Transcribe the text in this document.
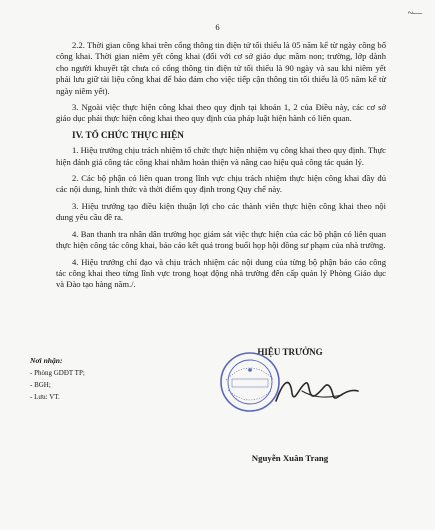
6
~—

2.2. Thời gian công khai trên cổng thông tin điện tử tối thiểu là 05 năm kể từ ngày công bố công khai. Thời gian niêm yết công khai (đối với cơ sở giáo dục mầm non; trường, lớp dành cho người khuyết tật chưa có cổng thông tin điện tử tối thiểu là 90 ngày và sau khi niêm yết phải lưu giữ tài liệu công khai để bảo đảm cho việc tiếp cận thông tin tối thiểu là 05 năm kể từ ngày niêm yết).

3. Ngoài việc thực hiện công khai theo quy định tại khoản 1, 2 của Điều này, các cơ sở giáo dục phải thực hiện công khai theo quy định của pháp luật hiện hành có liên quan.

IV. TỔ CHỨC THỰC HIỆN

1. Hiệu trưởng chịu trách nhiệm tổ chức thực hiện nhiệm vụ công khai theo quy định. Thực hiện đánh giá công tác công khai nhằm hoàn thiện và nâng cao hiệu quả công tác quản lý.

2. Các bộ phận có liên quan trong lĩnh vực chịu trách nhiệm thực hiện công khai đầy đủ các nội dung, hình thức và thời điểm quy định trong Quy chế này.

3. Hiệu trưởng tạo điều kiện thuận lợi cho các thành viên thực hiện công khai theo nội dung yêu cầu đề ra.

4. Ban thanh tra nhân dân trường học giám sát việc thực hiện của các bộ phận có liên quan thực hiện công tác công khai, báo cáo kết quả trong buổi họp hội đồng sư phạm của nhà trường.

4. Hiệu trưởng chỉ đạo và chịu trách nhiệm các nội dung của từng bộ phận báo cáo công tác công khai theo từng lĩnh vực trong hoạt động nhà trường đến cấp quản lý Phòng Giáo dục và Đào tạo hàng năm./.

Nơi nhận:
- Phòng GDĐT TP;
- BGH;
- Lưu: VT.
HIỆU TRƯỞNG
Nguyễn Xuân Trang
